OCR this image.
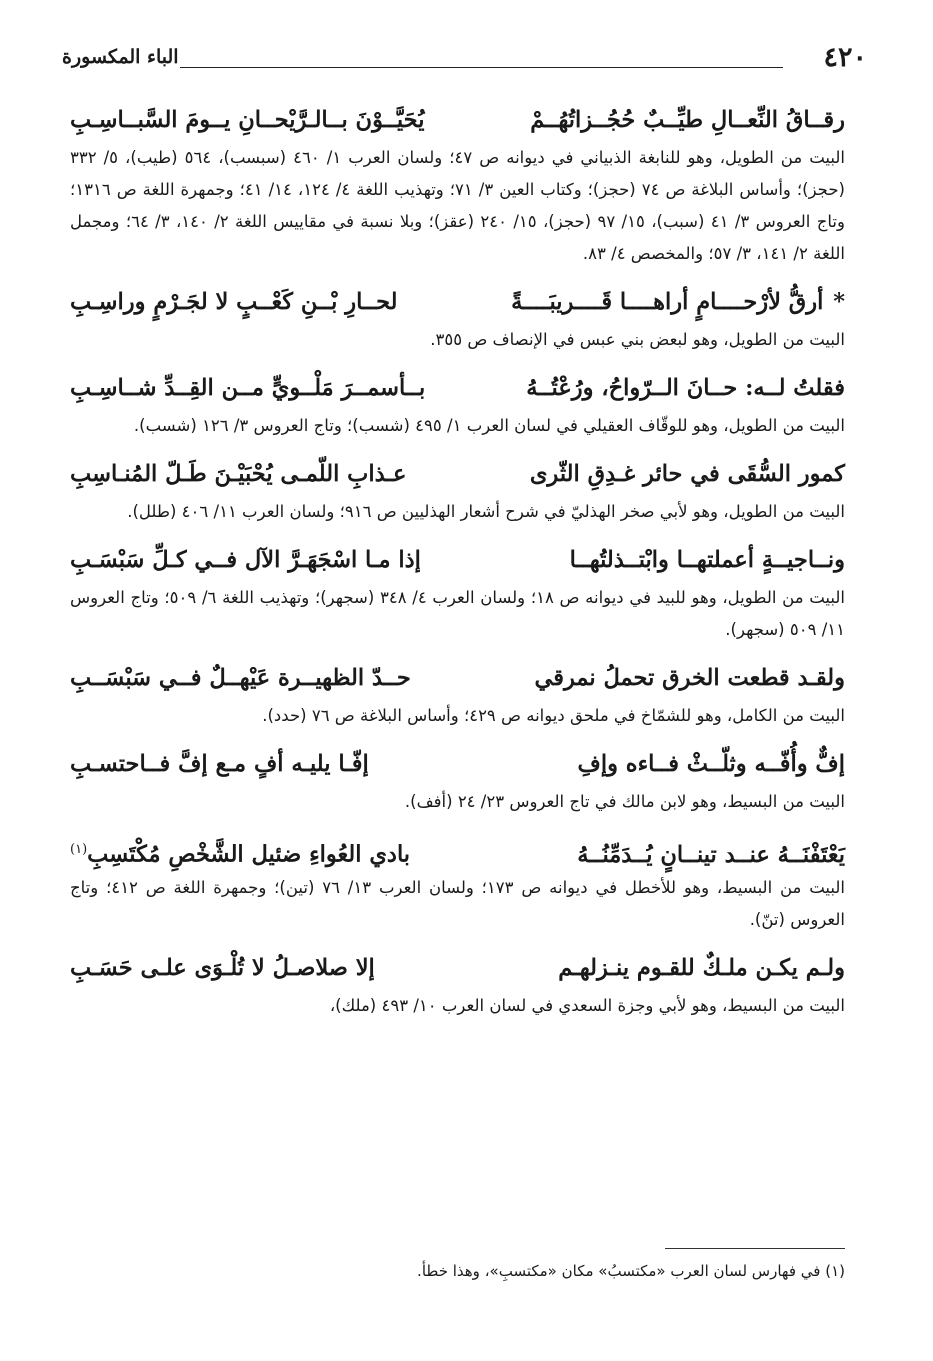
٤٢٠
الباء المكسورة
رقــاقُ النِّعــالِ طيِّــبٌ حُجُــزاتُهُــمْ
يُحَيَّــوْنَ بــالـرَّيْحــانِ يــومَ السَّبــاسِـبِ
البيت من الطويل، وهو للنابغة الذبياني في ديوانه ص ٤٧؛ ولسان العرب ١/ ٤٦٠ (سبسب)، ٥٦٤ (طيب)، ٥/ ٣٣٢ (حجز)؛ وأساس البلاغة ص ٧٤ (حجز)؛ وكتاب العين ٣/ ٧١؛ وتهذيب اللغة ٤/ ١٢٤، ١٤/ ٤١؛ وجمهرة اللغة ص ١٣١٦؛ وتاج العروس ٣/ ٤١ (سبب)، ١٥/ ٩٧ (حجز)، ١٥/ ٢٤٠ (عقز)؛ وبلا نسبة في مقاييس اللغة ٢/ ١٤٠، ٣/ ٦٤؛ ومجمل اللغة ٢/ ١٤١، ٣/ ٥٧؛ والمخصص ٤/ ٨٣.
* أرقُّ لأرْحــــامٍ أراهــــا قَــــريبَــــةً
لحــارِ بْــنِ كَعْــبٍ لا لجَـرْمٍ وراسِـبِ
البيت من الطويل، وهو لبعض بني عبس في الإنصاف ص ٣٥٥.
فقلتُ لــه: حــانَ الــرّواحُ، ورُعْتُــهُ
بــأسمــرَ مَلْــويٍّ مــن القِــدِّ شــاسِـبِ
البيت من الطويل، وهو للوقّاف العقيلي في لسان العرب ١/ ٤٩٥ (شسب)؛ وتاج العروس ٣/ ١٢٦ (شسب).
كمور السُّقَى في حائر غـدِقِ الثّرى
عـذابِ اللّمـى يُحْبَيْـنَ طَـلّ المُنـاسِبِ
البيت من الطويل، وهو لأبي صخر الهذليّ في شرح أشعار الهذليين ص ٩١٦؛ ولسان العرب ١١/ ٤٠٦ (طلل).
ونــاجيــةٍ أعملتهــا وابْتــذلتُهــا
إذا مـا اسْجَهَـرَّ الآل فــي كـلِّ سَبْسَـبِ
البيت من الطويل، وهو للبيد في ديوانه ص ١٨؛ ولسان العرب ٤/ ٣٤٨ (سجهر)؛ وتهذيب اللغة ٦/ ٥٠٩؛ وتاج العروس ١١/ ٥٠٩ (سجهر).
ولقـد قطعت الخرق تحملُ نمرقي
حــدّ الظهيــرة عَيْهــلٌ فــي سَبْسَــبِ
البيت من الكامل، وهو للشمّاخ في ملحق ديوانه ص ٤٢٩؛ وأساس البلاغة ص ٧٦ (حدد).
إفٌّ وأُفّــه وثلّــثْ فــاءه وإفِ
إفّـا يليـه أفٍ مـع إفَّ فــاحتسـبِ
البيت من البسيط، وهو لابن مالك في تاج العروس ٢٣/ ٢٤ (أفف).
يَعْتَفْنَــهُ عنــد تينــانٍ يُــدَمِّنُــهُ
بادي العُواءِ ضئيل الشَّخْصِ مُكْتَسِبِ$^{(١)}$
البيت من البسيط، وهو للأخطل في ديوانه ص ١٧٣؛ ولسان العرب ١٣/ ٧٦ (تين)؛ وجمهرة اللغة ص ٤١٢؛ وتاج العروس (تنّ).
ولـم يكـن ملـكٌ للقـوم ينـزلهـم
إلا صلاصـلُ لا تُلْـوَى علـى حَسَـبِ
البيت من البسيط، وهو لأبي وجزة السعدي في لسان العرب ١٠/ ٤٩٣ (ملك)،
(١) في فهارس لسان العرب «مكتسبُ» مكان «مكتسبِ»، وهذا خطأ.
